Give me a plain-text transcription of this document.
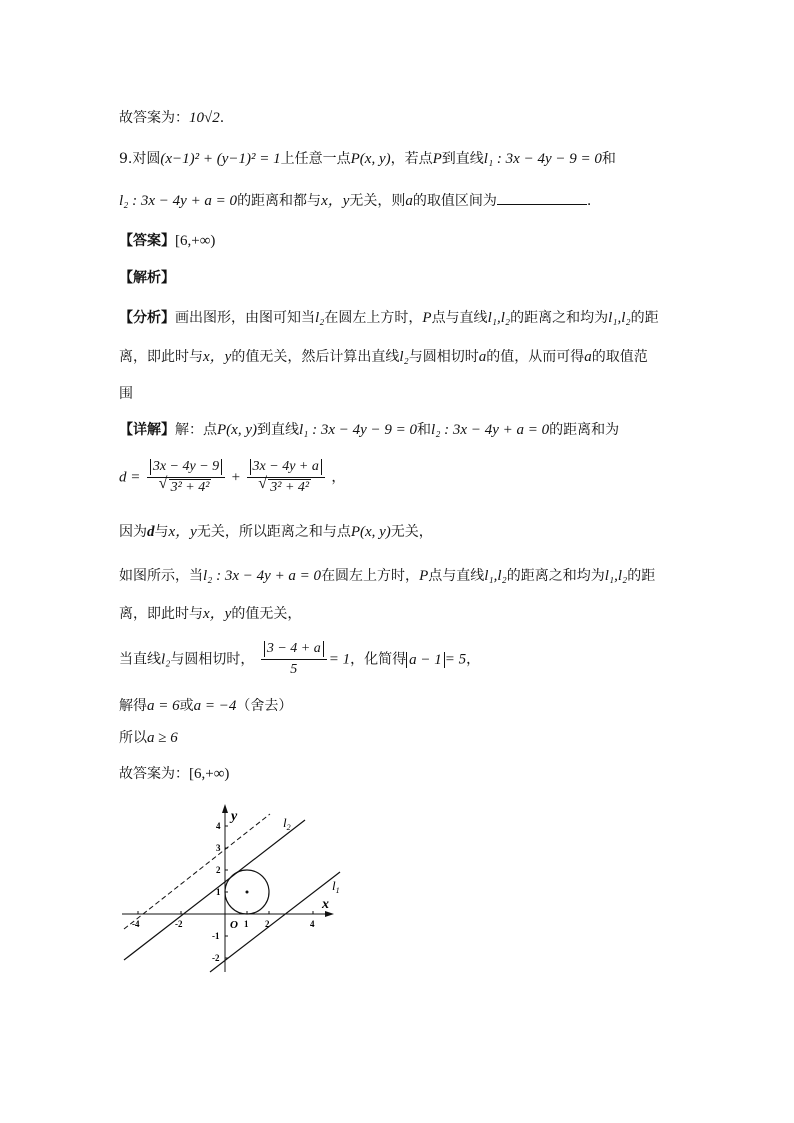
故答案为：10√2.
9.对圆(x−1)² + (y−1)² = 1上任意一点P(x, y)，若点P到直线l₁ : 3x − 4y − 9 = 0和
l₂ : 3x − 4y + a = 0的距离和都与x，y无关，则a的取值区间为	.
【答案】[6,+∞)
【解析】
【分析】画出图形，由图可知当l₂在圆左上方时，P点与直线l₁,l₂的距离之和均为l₁,l₂的距
离，即此时与x，y的值无关，然后计算出直线l₂与圆相切时a的值，从而可得a的取值范
围
【详解】解：点P(x, y)到直线l₁ : 3x − 4y − 9 = 0和l₂ : 3x − 4y + a = 0的距离和为
d = 3x − 4y − 9
√ 3² + 4² + 3x − 4y + a
√ 3² + 4² ，
因为d与x，y无关，所以距离之和与点P(x, y)无关，
如图所示，当l₂ : 3x − 4y + a = 0在圆左上方时，P点与直线l₁,l₂的距离之和均为l₁,l₂的距
离，即此时与x，y的值无关，
当直线l₂与圆相切时， $\frac{3 - 4 + a}{5} = 1$，化简得 a − 1 = 5，
解得a = 6或a = −4（舍去）
所以a ≥ 6
故答案为：[6,+∞)
-4	-2	1 2	4
4
3
2
1
-1
-2
y
x
O
$l_2$
$l_1$
